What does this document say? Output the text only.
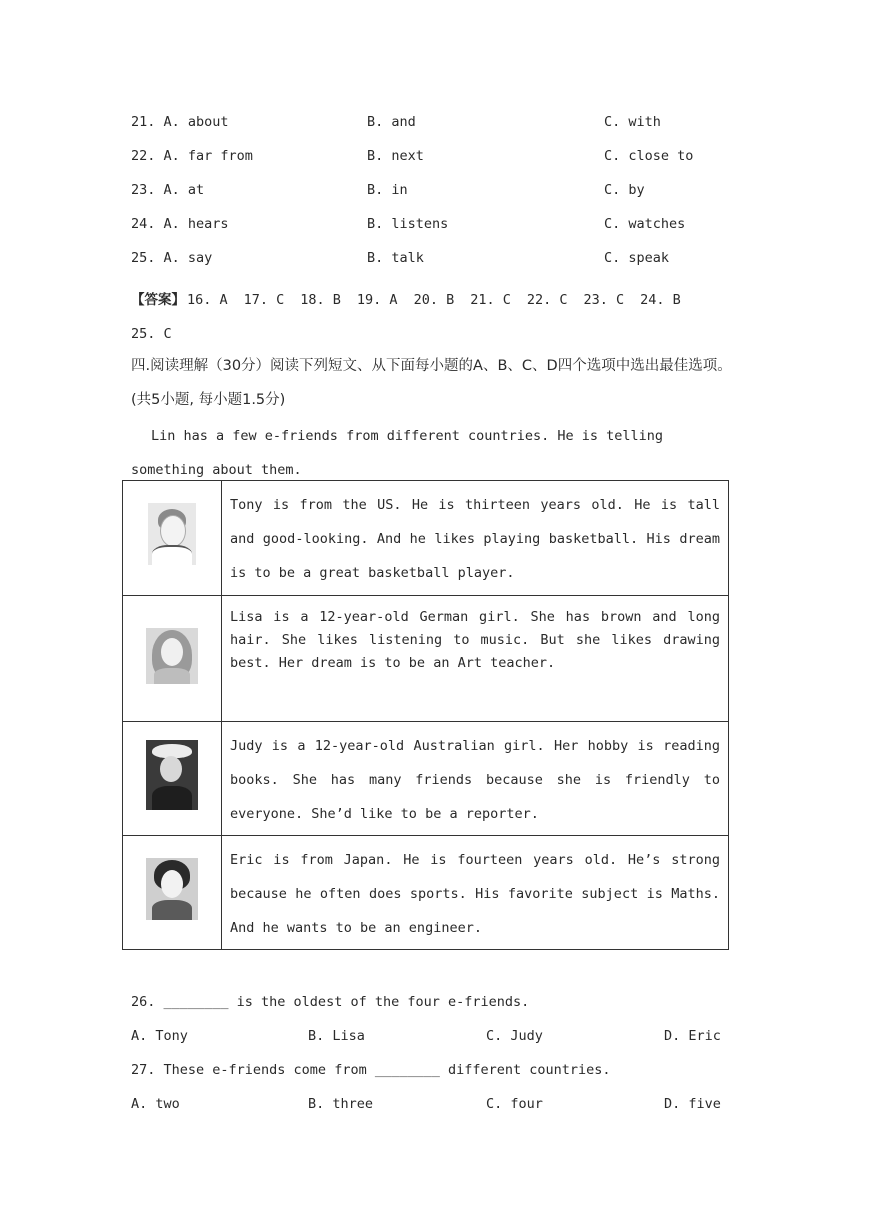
21. A. about	B. and	C. with
22. A. far from	B. next	C. close to
23. A. at	B. in	C. by
24. A. hears	B. listens	C. watches
25. A. say	B. talk	C. speak
【答案】 16. A 17. C 18. B 19. A 20. B 21. C 22. C 23. C 24. B25. C
四.阅读理解（30分）阅读下列短文、从下面每小题的A、B、C、D四个选项中选出最佳选项。(共5小题, 每小题1.5分)
Lin has a few e-friends from different countries. He is telling something about them.
	Tony is from the US. He is thirteen years old. He is tall and good-looking. And he likes playing basketball. His dream is to be a great basketball player.

	Lisa is a 12-year-old German girl. She has brown and long hair. She likes listening to music. But she likes drawing best. Her dream is to be an Art teacher.

	Judy is a 12-year-old Australian girl. Her hobby is reading books. She has many friends because she is friendly to everyone. She’d like to be a reporter.

	Eric is from Japan. He is fourteen years old. He’s strong because he often does sports. His favorite subject is Maths. And he wants to be an engineer.
26. ________ is the oldest of the four e-friends.
A. Tony	B. Lisa	C. Judy	D. Eric
27. These e-friends come from ________ different countries.
A. two	B. three	C. four	D. five
